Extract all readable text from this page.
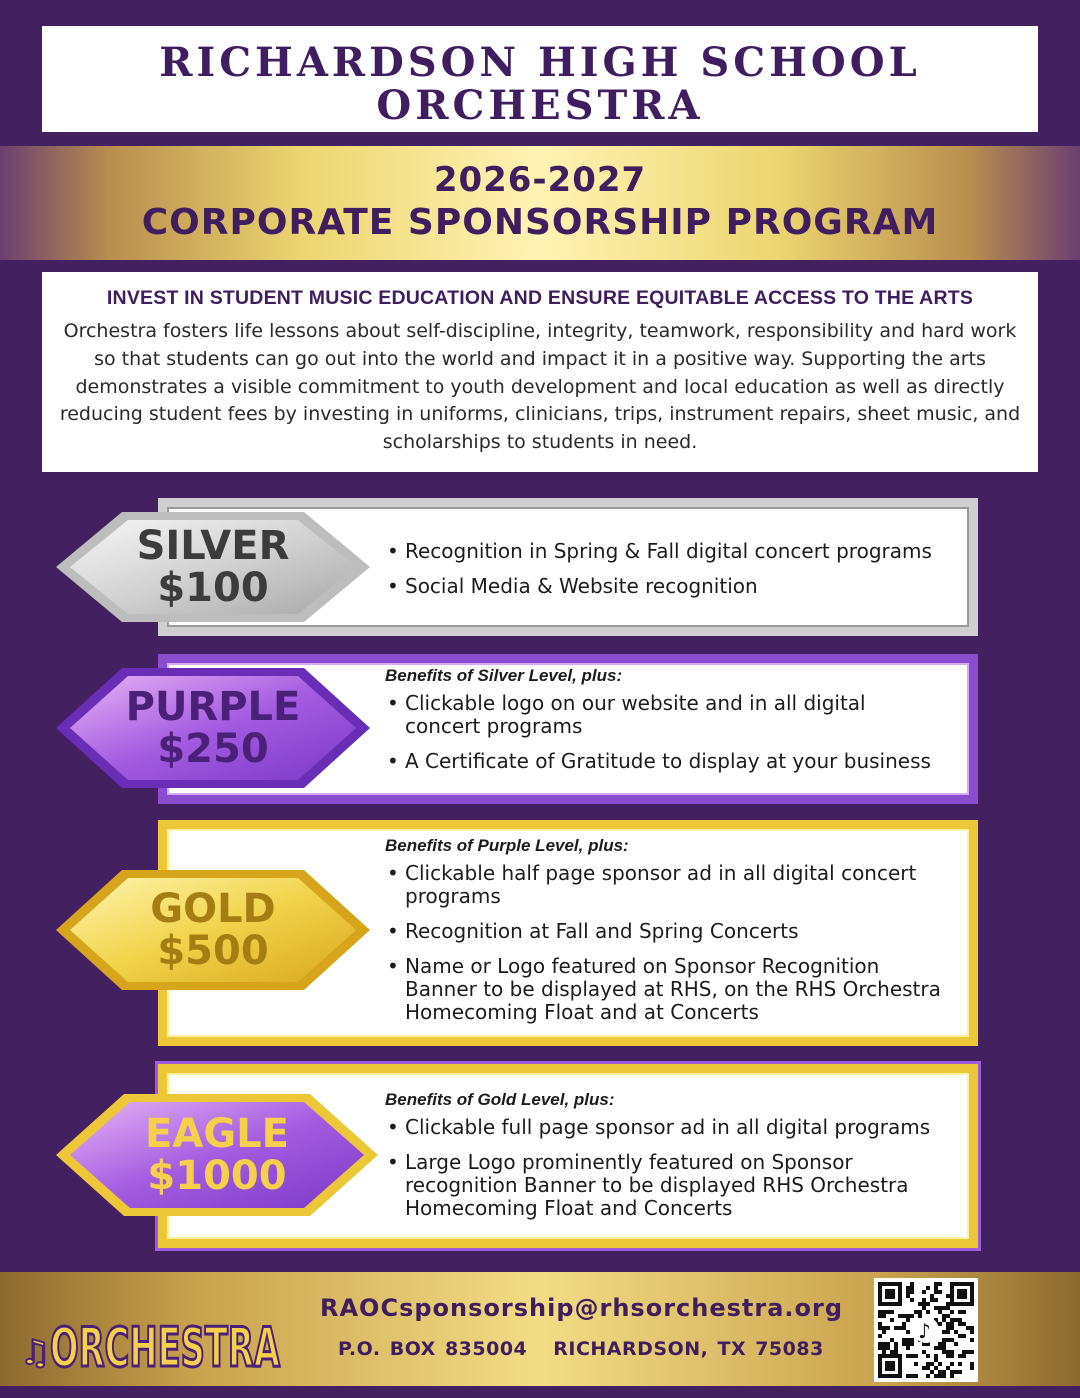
RICHARDSON HIGH SCHOOL
ORCHESTRA
2026-2027
CORPORATE SPONSORSHIP PROGRAM
INVEST IN STUDENT MUSIC EDUCATION AND ENSURE EQUITABLE ACCESS TO THE ARTS
Orchestra fosters life lessons about self-discipline, integrity, teamwork, responsibility and hard work so that students can go out into the world and impact it in a positive way. Supporting the arts demonstrates a visible commitment to youth development and local education as well as directly reducing student fees by investing in uniforms, clinicians, trips, instrument repairs, sheet music, and scholarships to students in need.
SILVER
$100
• Recognition in Spring & Fall digital concert programs
• Social Media & Website recognition
PURPLE
$250
Benefits of Silver Level, plus:
• Clickable logo on our website and in all digital concert programs
• A Certificate of Gratitude to display at your business
GOLD
$500
Benefits of Purple Level, plus:
• Clickable half page sponsor ad in all digital concert programs
• Recognition at Fall and Spring Concerts
• Name or Logo featured on Sponsor Recognition Banner to be displayed at RHS, on the RHS Orchestra Homecoming Float and at Concerts
EAGLE
$1000
Benefits of Gold Level, plus:
• Clickable full page sponsor ad in all digital programs
• Large Logo prominently featured on Sponsor recognition Banner to be displayed RHS Orchestra Homecoming Float and Concerts
♫ ORCHESTRA
RAOCsponsorship@rhsorchestra.org
P.O. BOX 835004 RICHARDSON, TX 75083
♪
